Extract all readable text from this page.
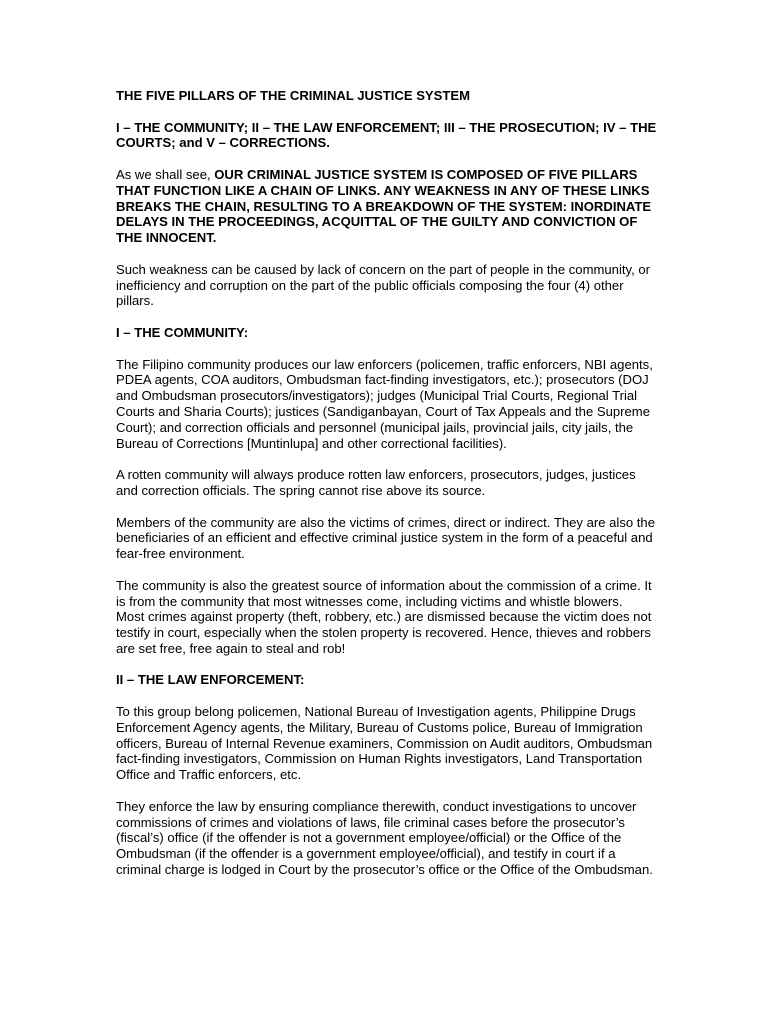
THE FIVE PILLARS OF THE CRIMINAL JUSTICE SYSTEM

I – THE COMMUNITY; II – THE LAW ENFORCEMENT; III – THE PROSECUTION; IV – THE COURTS; and V – CORRECTIONS.

As we shall see, OUR CRIMINAL JUSTICE SYSTEM IS COMPOSED OF FIVE PILLARS THAT FUNCTION LIKE A CHAIN OF LINKS. ANY WEAKNESS IN ANY OF THESE LINKS BREAKS THE CHAIN, RESULTING TO A BREAKDOWN OF THE SYSTEM: INORDINATE DELAYS IN THE PROCEEDINGS, ACQUITTAL OF THE GUILTY AND CONVICTION OF THE INNOCENT.

Such weakness can be caused by lack of concern on the part of people in the community, or inefficiency and corruption on the part of the public officials composing the four (4) other pillars.

I – THE COMMUNITY:

The Filipino community produces our law enforcers (policemen, traffic enforcers, NBI agents, PDEA agents, COA auditors, Ombudsman fact-finding investigators, etc.); prosecutors (DOJ and Ombudsman prosecutors/investigators); judges (Municipal Trial Courts, Regional Trial Courts and Sharia Courts); justices (Sandiganbayan, Court of Tax Appeals and the Supreme Court); and correction officials and personnel (municipal jails, provincial jails, city jails, the Bureau of Corrections [Muntinlupa] and other correctional facilities).

A rotten community will always produce rotten law enforcers, prosecutors, judges, justices and correction officials. The spring cannot rise above its source.

Members of the community are also the victims of crimes, direct or indirect. They are also the beneficiaries of an efficient and effective criminal justice system in the form of a peaceful and fear-free environment.

The community is also the greatest source of information about the commission of a crime. It is from the community that most witnesses come, including victims and whistle blowers.

Most crimes against property (theft, robbery, etc.) are dismissed because the victim does not testify in court, especially when the stolen property is recovered. Hence, thieves and robbers are set free, free again to steal and rob!

II – THE LAW ENFORCEMENT:

To this group belong policemen, National Bureau of Investigation agents, Philippine Drugs Enforcement Agency agents, the Military, Bureau of Customs police, Bureau of Immigration officers, Bureau of Internal Revenue examiners, Commission on Audit auditors, Ombudsman fact-finding investigators, Commission on Human Rights investigators, Land Transportation Office and Traffic enforcers, etc.

They enforce the law by ensuring compliance therewith, conduct investigations to uncover commissions of crimes and violations of laws, file criminal cases before the prosecutor’s (fiscal’s) office (if the offender is not a government employee/official) or the Office of the Ombudsman (if the offender is a government employee/official), and testify in court if a criminal charge is lodged in Court by the prosecutor’s office or the Office of the Ombudsman.
